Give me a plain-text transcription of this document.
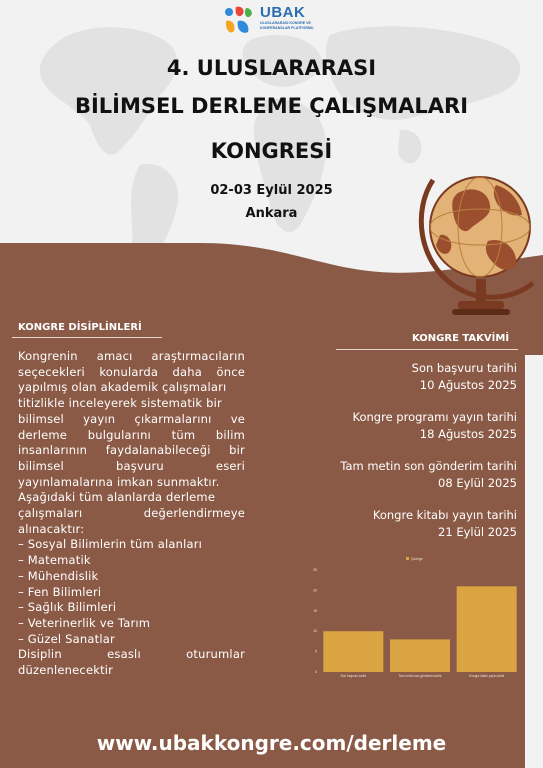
UBAK
ULUSLARARASI KONGRE VE KONFERANSLAR PLATFORMU
4. ULUSLARARASI
BİLİMSEL DERLEME ÇALIŞMALARI
KONGRESİ
02-03 Eylül 2025
Ankara
KONGRE DİSİPLİNLERİ
Kongrenin amacı araştırmacıların
seçecekleri konularda daha önce
yapılmış olan akademik çalışmaları
titizlikle inceleyerek sistematik bir
bilimsel yayın çıkarmalarını ve
derleme bulgularını tüm bilim
insanlarının faydalanabileceği bir
bilimsel başvuru eseri
yayınlamalarına imkan sunmaktır.
Aşağıdaki tüm alanlarda derleme
çalışmaları değerlendirmeye
alınacaktır:
– Sosyal Bilimlerin tüm alanları
– Matematik
– Mühendislik
– Fen Bilimleri
– Sağlık Bilimleri
– Veterinerlik ve Tarım
– Güzel Sanatlar
Disiplin esaslı oturumlar
düzenlenecektir
KONGRE TAKVİMİ
Son başvuru tarihi
10 Ağustos 2025
Kongre programı yayın tarihi
18 Ağustos 2025
Tam metin son gönderim tarihi
08 Eylül 2025
Kongre kitabı yayın tarihi
21 Eylül 2025
Çizelge
0
5
10
15
20
25
Son başvuru tarihi	Tam metin son gönderim tarihi	Kongre kitabı yayın tarihi
www.ubakkongre.com/derleme
